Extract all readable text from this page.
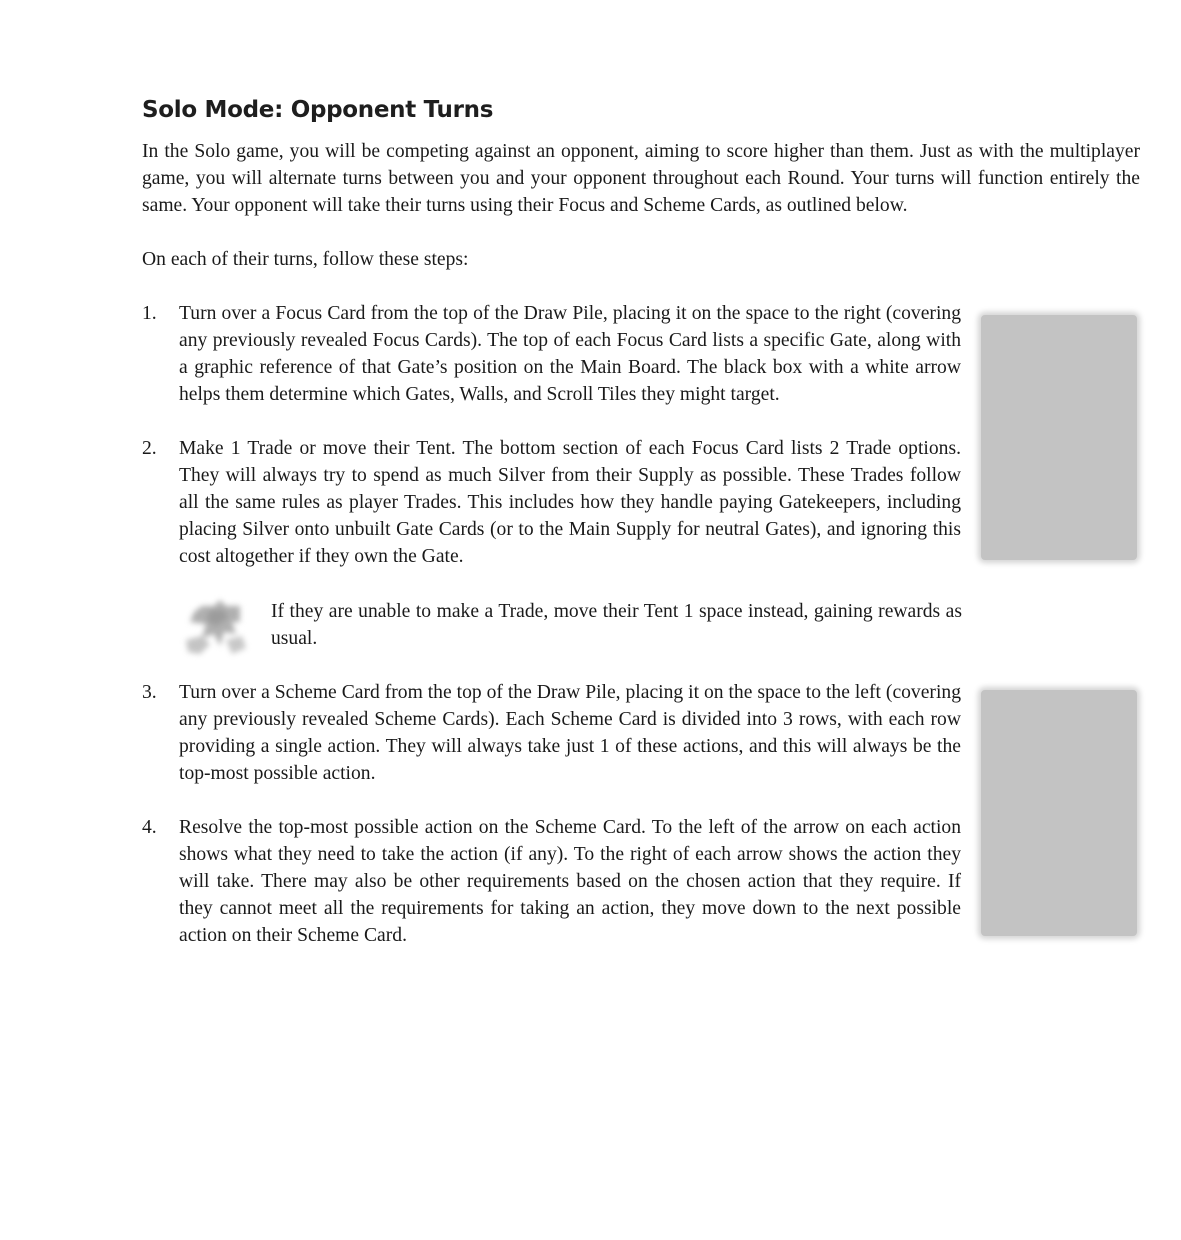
Solo Mode: Opponent Turns

In the Solo game, you will be competing against an opponent, aiming to score higher than them. Just as with the multiplayer game, you will alternate turns between you and your opponent throughout each Round. Your turns will function entirely the same. Your opponent will take their turns using their Focus and Scheme Cards, as outlined below.

On each of their turns, follow these steps:

1. Turn over a Focus Card from the top of the Draw Pile, placing it on the space to the right (covering any previously revealed Focus Cards). The top of each Focus Card lists a specific Gate, along with a graphic reference of that Gate’s position on the Main Board. The black box with a white arrow helps them determine which Gates, Walls, and Scroll Tiles they might target.

2. Make 1 Trade or move their Tent. The bottom section of each Focus Card lists 2 Trade options. They will always try to spend as much Silver from their Supply as possible. These Trades follow all the same rules as player Trades. This includes how they handle paying Gatekeepers, including placing Silver onto unbuilt Gate Cards (or to the Main Supply for neutral Gates), and ignoring this cost altogether if they own the Gate.

If they are unable to make a Trade, move their Tent 1 space instead, gaining rewards as usual.

3. Turn over a Scheme Card from the top of the Draw Pile, placing it on the space to the left (covering any previously revealed Scheme Cards). Each Scheme Card is divided into 3 rows, with each row providing a single action. They will always take just 1 of these actions, and this will always be the top-most possible action.

4. Resolve the top-most possible action on the Scheme Card. To the left of the arrow on each action shows what they need to take the action (if any). To the right of each arrow shows the action they will take. There may also be other requirements based on the chosen action that they require. If they cannot meet all the requirements for taking an action, they move down to the next possible action on their Scheme Card.
